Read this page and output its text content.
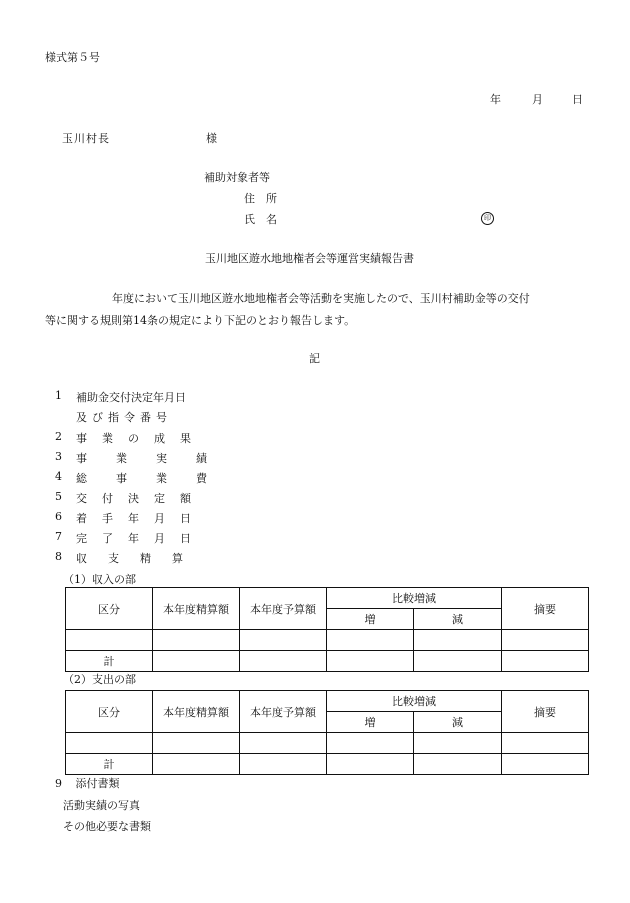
様式第５号
年	月	日
玉川村長	様
補助対象者等
住　所
氏　名	印
玉川地区遊水地地権者会等運営実績報告書
年度において玉川地区遊水地地権者会等活動を実施したので、玉川村補助金等の交付
等に関する規則第14条の規定により下記のとおり報告します。
記
1 補助金交付決定年月日
及び指令番号
2 事業の成果
3 事業実績
4 総事業費
5 交付決定額
6 着手年月日
7 完了年月日
8 収支精算
（1）収入の部
区分	本年度精算額	本年度予算額	比較増減		摘要
			増	減	

計					
（2）支出の部
区分	本年度精算額	本年度予算額	比較増減		摘要
			増	減	

計					
9 添付書類
活動実績の写真
その他必要な書類
